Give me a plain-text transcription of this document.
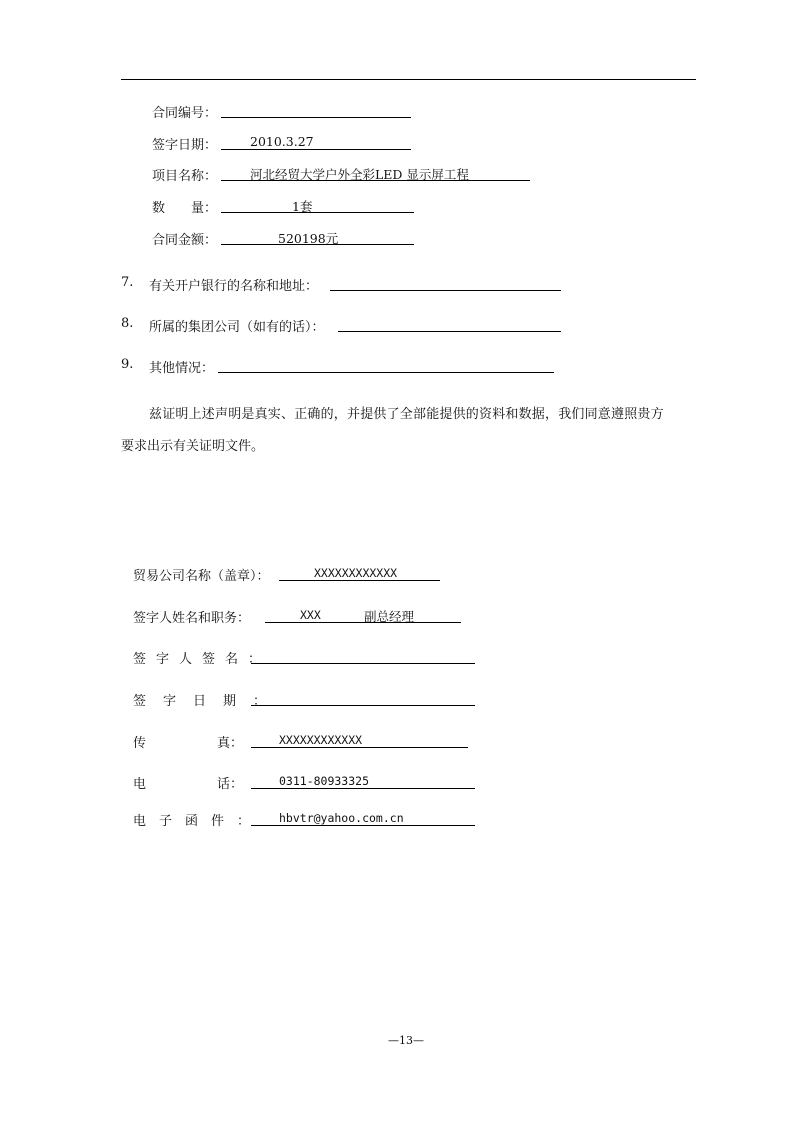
合同编号：
签字日期：	2010.3.27
项目名称：	河北经贸大学户外全彩LED 显示屏工程
数　　量：	1套
合同金额：	520198元
7. 有关开户银行的名称和地址：
8. 所属的集团公司（如有的话）：
9. 其他情况：
兹证明上述声明是真实、正确的，并提供了全部能提供的资料和数据，我们同意遵照贵方
要求出示有关证明文件。
贸易公司名称（盖章）：	XXXXXXXXXXXX
签字人姓名和职务：	XXX	副总经理
签字人签名：
签字日期：
传	真：	XXXXXXXXXXXX
电	话：	0311-80933325
电子函件： hbvtr@yahoo.com.cn
—13—
